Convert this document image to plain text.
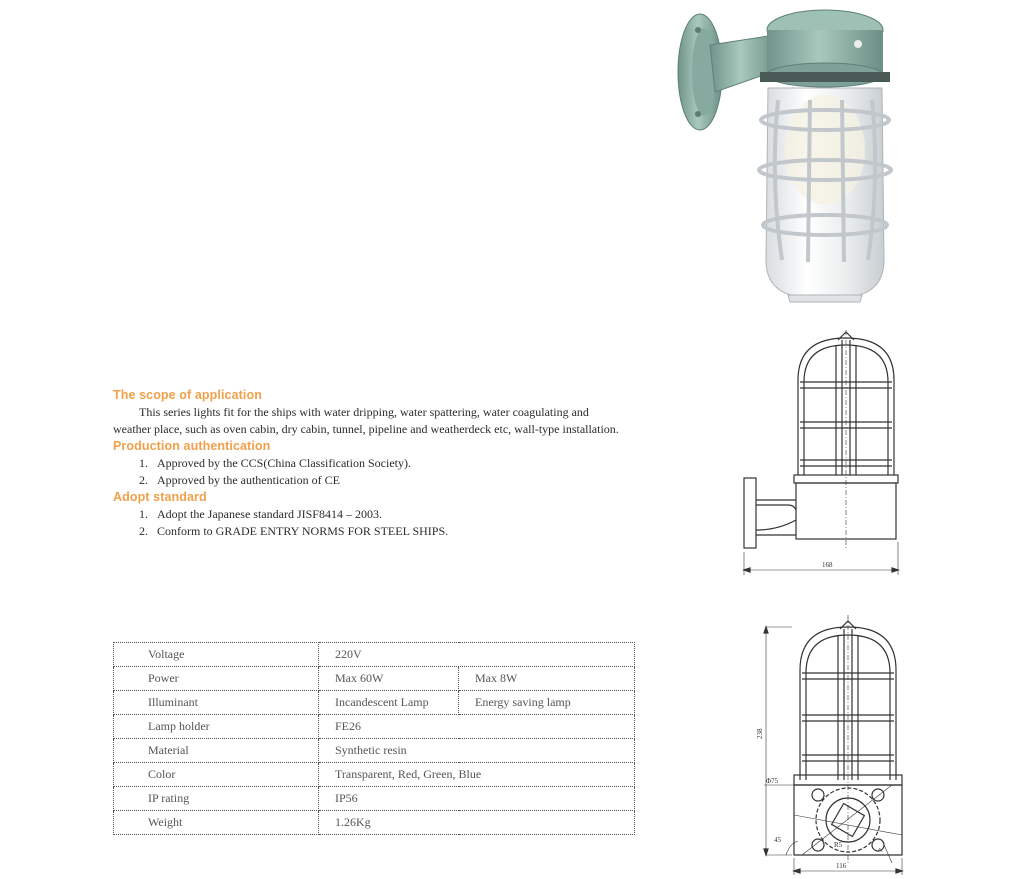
168
238
Φ75
45
R5
7
116
The scope of application
This series lights fit for the ships with water dripping, water spattering, water coagulating and
weather place, such as oven cabin, dry cabin, tunnel, pipeline and weatherdeck etc, wall-type installation.
Production authentication
1. Approved by the CCS(China Classification Society).
2. Approved by the authentication of CE
Adopt standard
1. Adopt the Japanese standard JISF8414 – 2003.
2. Conform to GRADE ENTRY NORMS FOR STEEL SHIPS.
Voltage	220V	
Power	Max 60W	Max 8W
Illuminant	Incandescent Lamp	Energy saving lamp
Lamp holder	FE26	
Material	Synthetic resin	
Color	Transparent, Red, Green, Blue	
IP rating	IP56	
Weight	1.26Kg	
